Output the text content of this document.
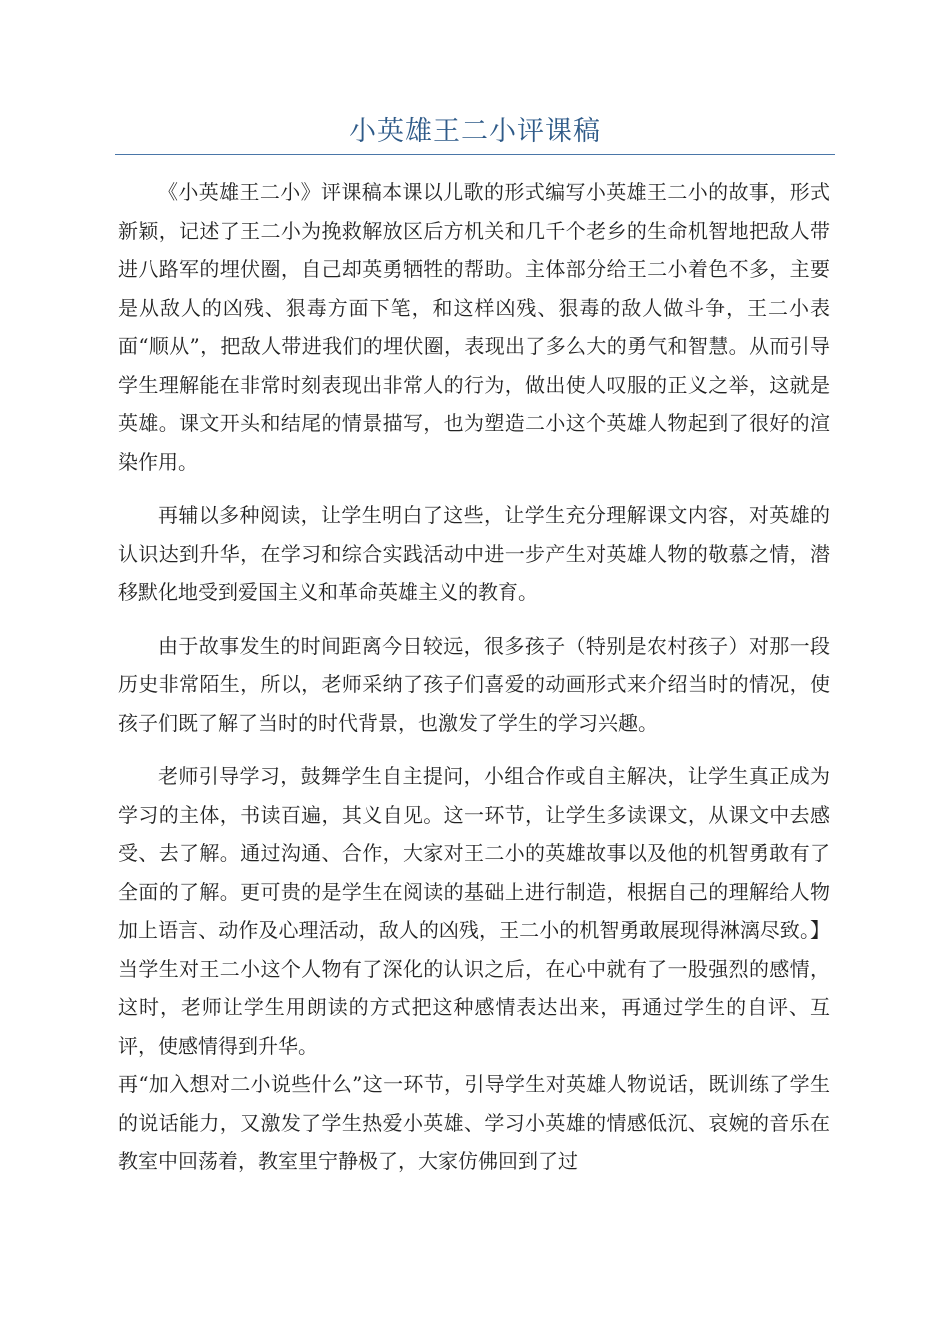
小英雄王二小评课稿

《小英雄王二小》评课稿本课以儿歌的形式编写小英雄王二小的故事，形式新颖，记述了王二小为挽救解放区后方机关和几千个老乡的生命机智地把敌人带进八路军的埋伏圈，自己却英勇牺牲的帮助。主体部分给王二小着色不多，主要是从敌人的凶残、狠毒方面下笔，和这样凶残、狠毒的敌人做斗争，王二小表面“顺从”，把敌人带进我们的埋伏圈，表现出了多么大的勇气和智慧。从而引导学生理解能在非常时刻表现出非常人的行为，做出使人叹服的正义之举，这就是英雄。课文开头和结尾的情景描写，也为塑造二小这个英雄人物起到了很好的渲染作用。

再辅以多种阅读，让学生明白了这些，让学生充分理解课文内容，对英雄的认识达到升华，在学习和综合实践活动中进一步产生对英雄人物的敬慕之情，潜移默化地受到爱国主义和革命英雄主义的教育。

由于故事发生的时间距离今日较远，很多孩子（特别是农村孩子）对那一段历史非常陌生，所以，老师采纳了孩子们喜爱的动画形式来介绍当时的情况，使孩子们既了解了当时的时代背景，也激发了学生的学习兴趣。

老师引导学习，鼓舞学生自主提问，小组合作或自主解决，让学生真正成为学习的主体，书读百遍，其义自见。这一环节，让学生多读课文，从课文中去感受、去了解。通过沟通、合作，大家对王二小的英雄故事以及他的机智勇敢有了全面的了解。更可贵的是学生在阅读的基础上进行制造，根据自己的理解给人物加上语言、动作及心理活动，敌人的凶残，王二小的机智勇敢展现得淋漓尽致。】当学生对王二小这个人物有了深化的认识之后，在心中就有了一股强烈的感情，这时，老师让学生用朗读的方式把这种感情表达出来，再通过学生的自评、互评，使感情得到升华。

再“加入想对二小说些什么”这一环节，引导学生对英雄人物说话，既训练了学生的说话能力，又激发了学生热爱小英雄、学习小英雄的情感低沉、哀婉的音乐在教室中回荡着，教室里宁静极了，大家仿佛回到了过
